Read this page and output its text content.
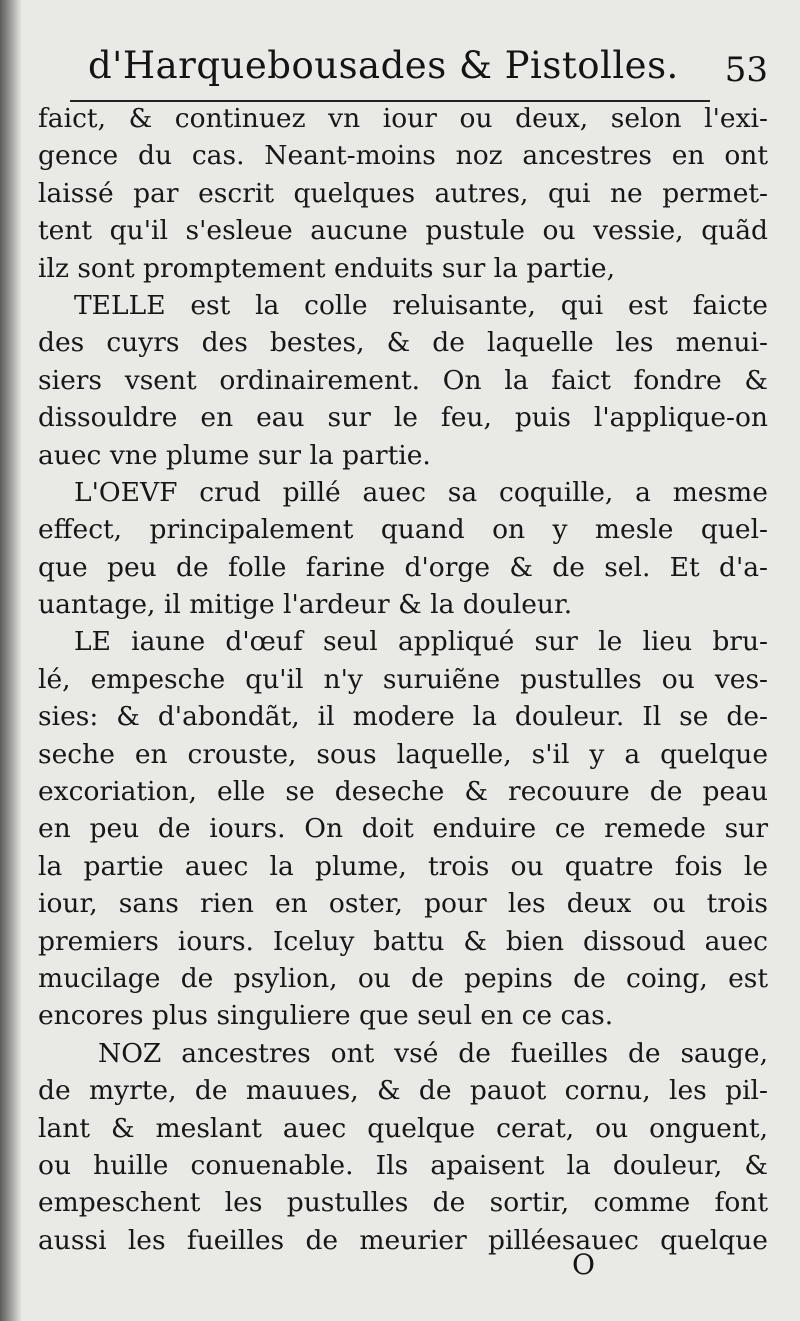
d'Harquebousades & Pistolles. 53
faict, & continuez vn iour ou deux, selon l'exi-
gence du cas. Neant-moins noz ancestres en ont
laissé par escrit quelques autres, qui ne permet-
tent qu'il s'esleue aucune pustule ou vessie, quãd
ilz sont promptement enduits sur la partie,
TELLE est la colle reluisante, qui est faicte
des cuyrs des bestes, & de laquelle les menui-
siers vsent ordinairement. On la faict fondre &
dissouldre en eau sur le feu, puis l'applique-on
auec vne plume sur la partie.
L'OEVF crud pillé auec sa coquille, a mesme
effect, principalement quand on y mesle quel-
que peu de folle farine d'orge & de sel. Et d'a-
uantage, il mitige l'ardeur & la douleur.
LE iaune d'œuf seul appliqué sur le lieu bru-
lé, empesche qu'il n'y suruiẽne pustulles ou ves-
sies: & d'abondãt, il modere la douleur. Il se de-
seche en crouste, sous laquelle, s'il y a quelque
excoriation, elle se deseche & recouure de peau
en peu de iours. On doit enduire ce remede sur
la partie auec la plume, trois ou quatre fois le
iour, sans rien en oster, pour les deux ou trois
premiers iours. Iceluy battu & bien dissoud auec
mucilage de psylion, ou de pepins de coing, est
encores plus singuliere que seul en ce cas.
NOZ ancestres ont vsé de fueilles de sauge,
de myrte, de mauues, & de pauot cornu, les pil-
lant & meslant auec quelque cerat, ou onguent,
ou huille conuenable. Ils apaisent la douleur, &
empeschent les pustulles de sortir, comme font
aussi les fueilles de meurier pilléesauec quelque
O
